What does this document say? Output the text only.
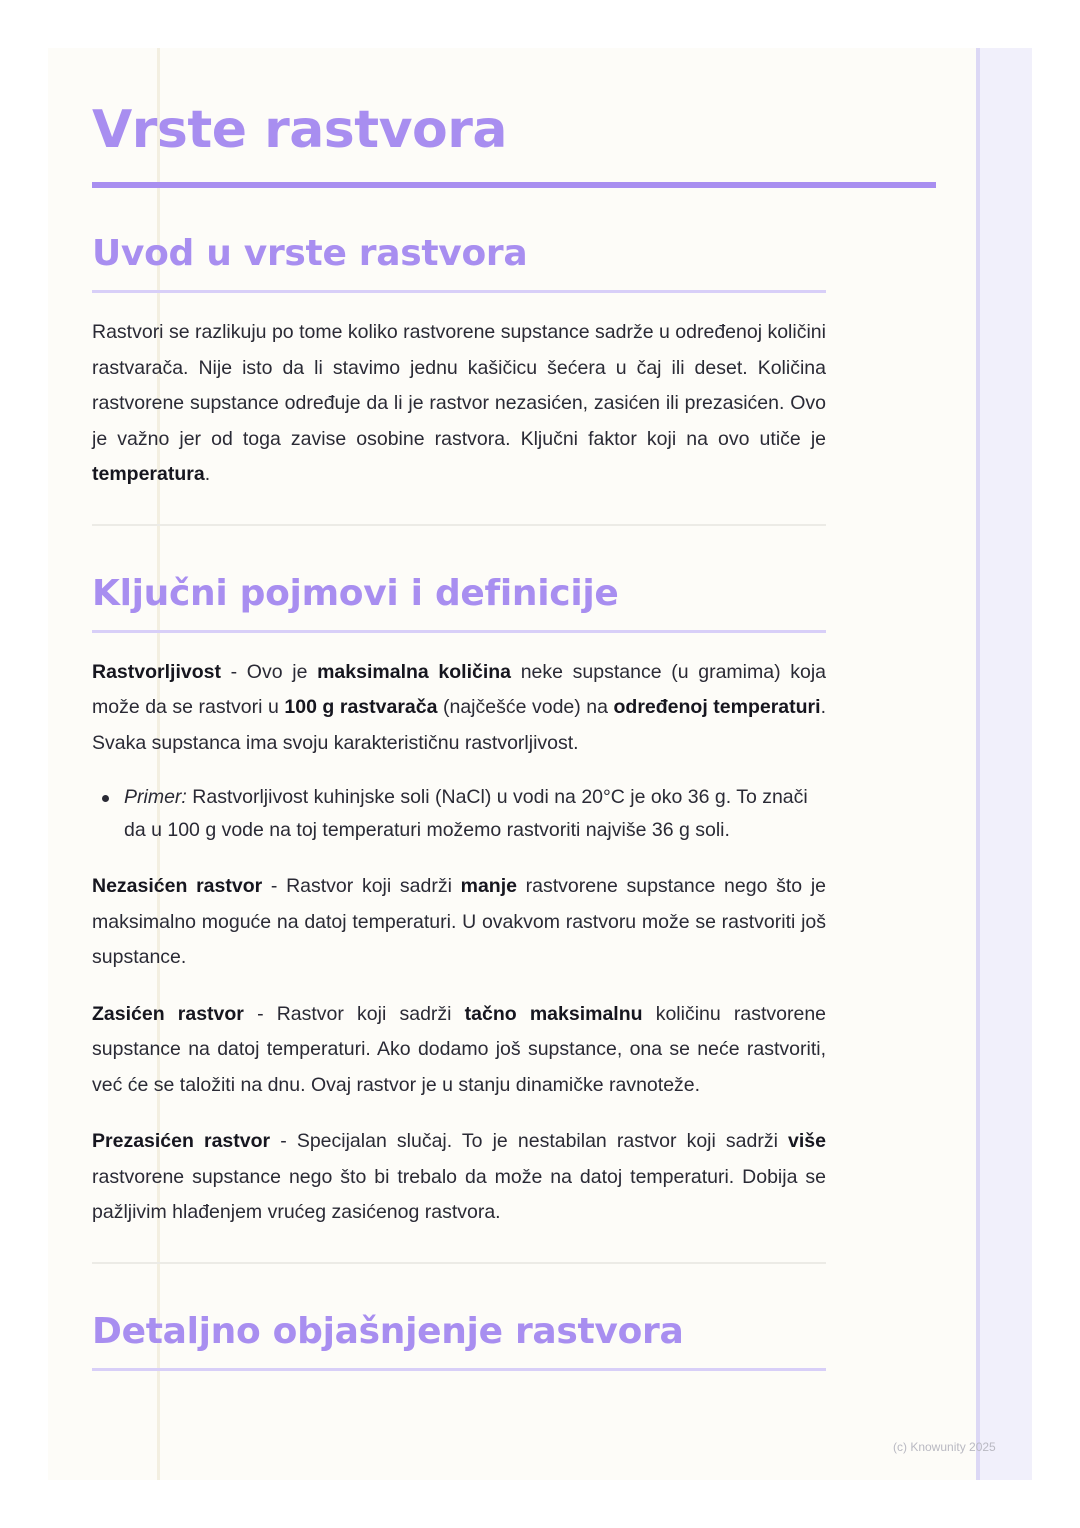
Vrste rastvora
Uvod u vrste rastvora

Rastvori se razlikuju po tome koliko rastvorene supstance sadrže u određenoj količini rastvarača. Nije isto da li stavimo jednu kašičicu šećera u čaj ili deset. Količina rastvorene supstance određuje da li je rastvor nezasićen, zasićen ili prezasićen. Ovo je važno jer od toga zavise osobine rastvora. Ključni faktor koji na ovo utiče je temperatura.

Ključni pojmovi i definicije

Rastvorljivost - Ovo je maksimalna količina neke supstance (u gramima) koja može da se rastvori u 100 g rastvarača (najčešće vode) na određenoj temperaturi. Svaka supstanca ima svoju karakterističnu rastvorljivost.

Primer: Rastvorljivost kuhinjske soli (NaCl) u vodi na 20°C je oko 36 g. To znači da u 100 g vode na toj temperaturi možemo rastvoriti najviše 36 g soli.

Nezasićen rastvor - Rastvor koji sadrži manje rastvorene supstance nego što je maksimalno moguće na datoj temperaturi. U ovakvom rastvoru može se rastvoriti još supstance.

Zasićen rastvor - Rastvor koji sadrži tačno maksimalnu količinu rastvorene supstance na datoj temperaturi. Ako dodamo još supstance, ona se neće rastvoriti, već će se taložiti na dnu. Ovaj rastvor je u stanju dinamičke ravnoteže.

Prezasićen rastvor - Specijalan slučaj. To je nestabilan rastvor koji sadrži više rastvorene supstance nego što bi trebalo da može na datoj temperaturi. Dobija se pažljivim hlađenjem vrućeg zasićenog rastvora.

Detaljno objašnjenje rastvora
(c) Knowunity 2025
